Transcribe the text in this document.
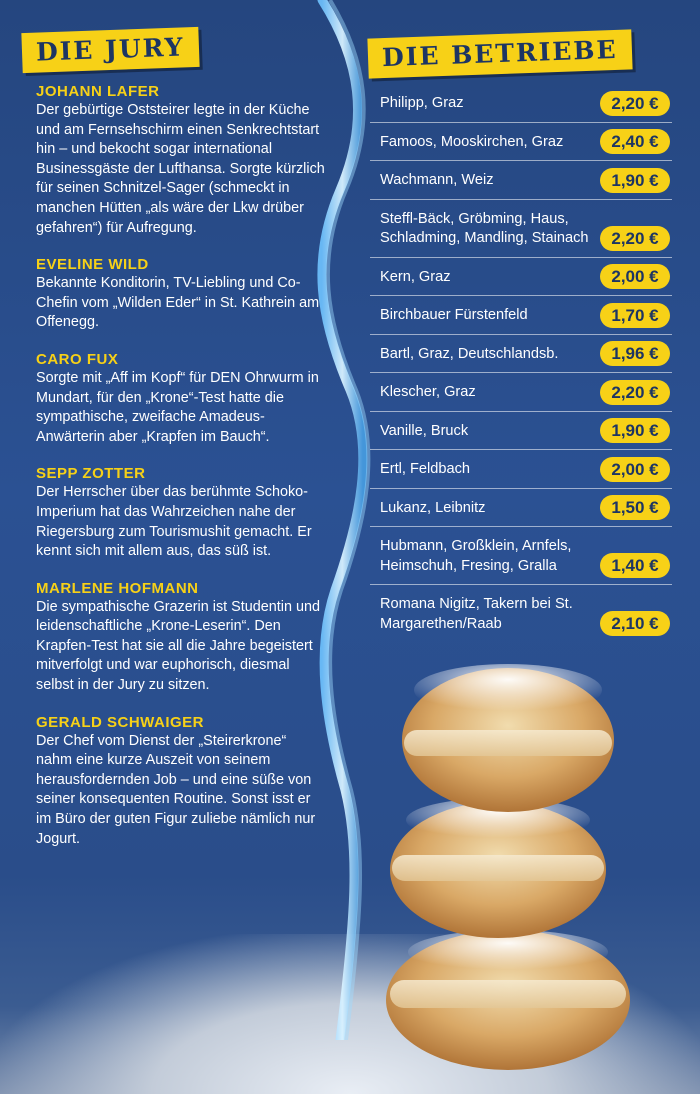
DIE JURY	DIE BETRIEBE
JOHANN LAFER
Der gebürtige Oststeirer legte in der Küche und am Fernsehschirm einen Senkrechtstart hin – und bekocht sogar international Businessgäste der Lufthansa. Sorgte kürzlich für seinen Schnitzel-Sager (schmeckt in manchen Hütten „als wäre der Lkw drüber gefahren“) für Aufregung.
EVELINE WILD
Bekannte Konditorin, TV-Liebling und Co-Chefin vom „Wilden Eder“ in St. Kathrein am Offenegg.
CARO FUX
Sorgte mit „Aff im Kopf“ für DEN Ohrwurm in Mundart, für den „Krone“-Test hatte die sympathische, zweifache Amadeus-Anwärterin aber „Krapfen im Bauch“.
SEPP ZOTTER
Der Herrscher über das berühmte Schoko-Imperium hat das Wahrzeichen nahe der Riegersburg zum Tourismushit gemacht. Er kennt sich mit allem aus, das süß ist.
MARLENE HOFMANN
Die sympathische Grazerin ist Studentin und leidenschaftliche „Krone-Leserin“. Den Krapfen-Test hat sie all die Jahre begeistert mitverfolgt und war euphorisch, diesmal selbst in der Jury zu sitzen.
GERALD SCHWAIGER
Der Chef vom Dienst der „Steirerkrone“ nahm eine kurze Auszeit von seinem herausfordernden Job – und eine süße von seiner konsequenten Routine. Sonst isst er im Büro der guten Figur zuliebe nämlich nur Jogurt.
Philipp, Graz	2,20 €
Famoos, Mooskirchen, Graz	2,40 €
Wachmann, Weiz	1,90 €
Steffl-Bäck, Gröbming, Haus, Schladming, Mandling, Stainach	2,20 €
Kern, Graz	2,00 €
Birchbauer Fürstenfeld	1,70 €
Bartl, Graz, Deutschlandsb.	1,96 €
Klescher, Graz	2,20 €
Vanille, Bruck	1,90 €
Ertl, Feldbach	2,00 €
Lukanz, Leibnitz	1,50 €
Hubmann, Großklein, Arnfels, Heimschuh, Fresing, Gralla	1,40 €
Romana Nigitz, Takern bei St. Margarethen/Raab	2,10 €
